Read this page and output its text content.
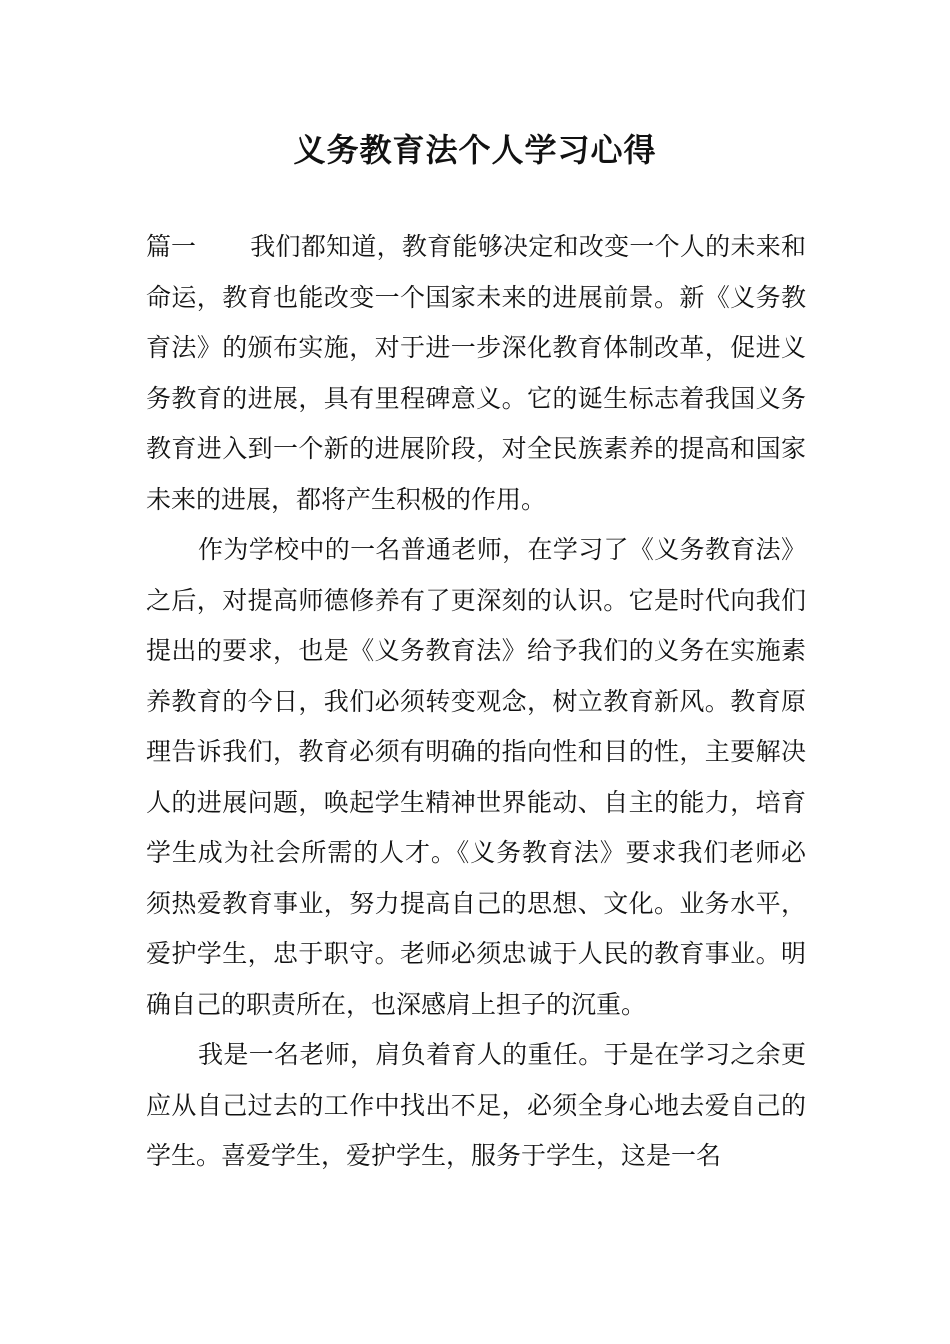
义务教育法个人学习心得

篇一 我们都知道，教育能够决定和改变一个人的未来和命运，教育也能改变一个国家未来的进展前景。新《义务教育法》的颁布实施，对于进一步深化教育体制改革，促进义务教育的进展，具有里程碑意义。它的诞生标志着我国义务教育进入到一个新的进展阶段，对全民族素养的提高和国家未来的进展，都将产生积极的作用。

作为学校中的一名普通老师，在学习了《义务教育法》之后，对提高师德修养有了更深刻的认识。它是时代向我们提出的要求，也是《义务教育法》给予我们的义务在实施素养教育的今日，我们必须转变观念，树立教育新风。教育原理告诉我们，教育必须有明确的指向性和目的性，主要解决人的进展问题，唤起学生精神世界能动、自主的能力，培育学生成为社会所需的人才。《义务教育法》要求我们老师必须热爱教育事业，努力提高自己的思想、文化。业务水平，爱护学生，忠于职守。老师必须忠诚于人民的教育事业。明确自己的职责所在，也深感肩上担子的沉重。

我是一名老师，肩负着育人的重任。于是在学习之余更应从自己过去的工作中找出不足，必须全身心地去爱自己的学生。喜爱学生，爱护学生，服务于学生，这是一名
